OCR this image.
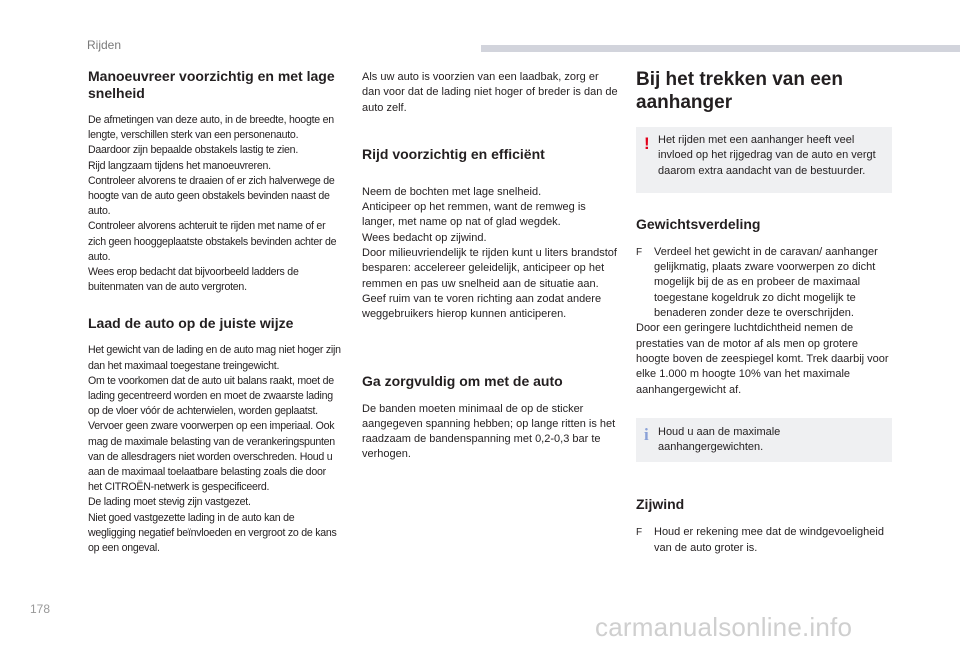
Rijden
Manoeuvreer voorzichtig en met lage snelheid

De afmetingen van deze auto, in de breedte, hoogte en lengte, verschillen sterk van een personenauto. Daardoor zijn bepaalde obstakels lastig te zien.
Rijd langzaam tijdens het manoeuvreren.
Controleer alvorens te draaien of er zich halverwege de hoogte van de auto geen obstakels bevinden naast de auto.
Controleer alvorens achteruit te rijden met name of er zich geen hooggeplaatste obstakels bevinden achter de auto.
Wees erop bedacht dat bijvoorbeeld ladders de buitenmaten van de auto vergroten.

Laad de auto op de juiste wijze

Het gewicht van de lading en de auto mag niet hoger zijn dan het maximaal toegestane treingewicht.
Om te voorkomen dat de auto uit balans raakt, moet de lading gecentreerd worden en moet de zwaarste lading op de vloer vóór de achterwielen, worden geplaatst.
Vervoer geen zware voorwerpen op een imperiaal. Ook mag de maximale belasting van de verankeringspunten van de allesdragers niet worden overschreden. Houd u aan de maximaal toelaatbare belasting zoals die door het CITROËN-netwerk is gespecificeerd.
De lading moet stevig zijn vastgezet.
Niet goed vastgezette lading in de auto kan de wegligging negatief beïnvloeden en vergroot zo de kans op een ongeval.

Als uw auto is voorzien van een laadbak, zorg er dan voor dat de lading niet hoger of breder is dan de auto zelf.

Rijd voorzichtig en efficiënt

Neem de bochten met lage snelheid.
Anticipeer op het remmen, want de remweg is langer, met name op nat of glad wegdek.
Wees bedacht op zijwind.
Door milieuvriendelijk te rijden kunt u liters brandstof besparen: accelereer geleidelijk, anticipeer op het remmen en pas uw snelheid aan de situatie aan.
Geef ruim van te voren richting aan zodat andere weggebruikers hierop kunnen anticiperen.

Ga zorgvuldig om met de auto

De banden moeten minimaal de op de sticker aangegeven spanning hebben; op lange ritten is het raadzaam de bandenspanning met 0,2-0,3 bar te verhogen.

Bij het trekken van een aanhanger
! Het rijden met een aanhanger heeft veel invloed op het rijgedrag van de auto en vergt daarom extra aandacht van de bestuurder.

Gewichtsverdeling
F	Verdeel het gewicht in de caravan/ aanhanger gelijkmatig, plaats zware voorwerpen zo dicht mogelijk bij de as en probeer de maximaal toegestane kogeldruk zo dicht mogelijk te benaderen zonder deze te overschrijden.

Door een geringere luchtdichtheid nemen de prestaties van de motor af als men op grotere hoogte boven de zeespiegel komt. Trek daarbij voor elke 1.000 m hoogte 10% van het maximale aanhangergewicht af.

i Houd u aan de maximale aanhangergewichten.

Zijwind
F	Houd er rekening mee dat de windgevoeligheid van de auto groter is.

178
carmanualsonline.info
